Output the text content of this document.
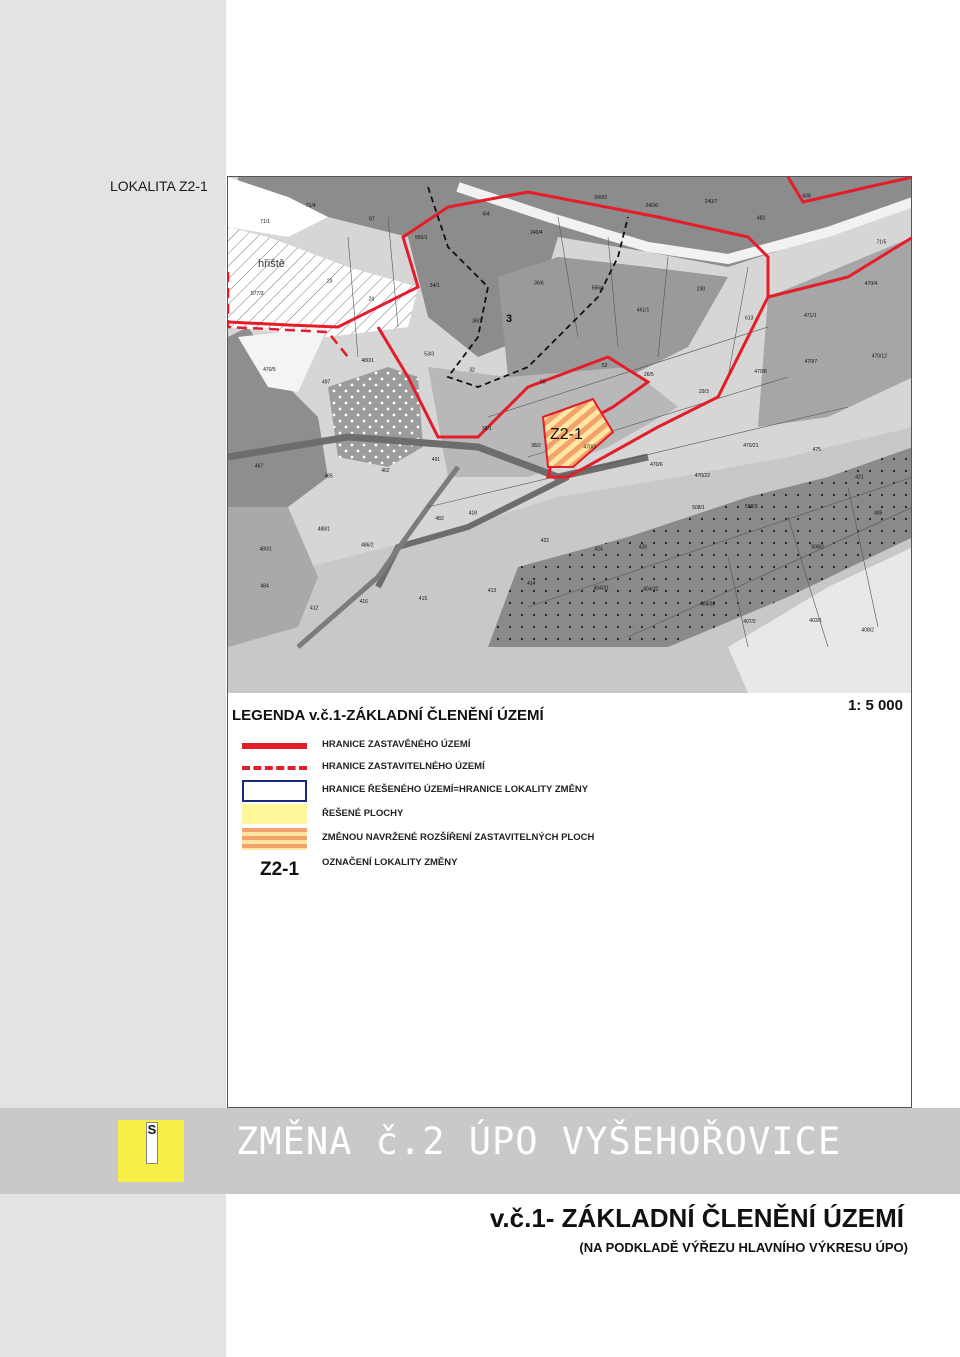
LOKALITA Z2-1
Z2-1
hřiště
3
71/1
71/4
67
550/1
6/4
240/4
240/3
240/6
240/7
482
608
71/5
577/3
23
24
34/1
36/1
36/6
566/1
461/1
230
613	471/1
470/4
470/5
497
480/1
53/3
32
50
52
26/5
29/3
470/8
470/7
470/12
467
465
462
491
38/1
38/2	470/3
470/6
470/22
470/21
475
421
480/1
488/1
486/2
482
418
422
424	426
508/1	508/3
508/2
485
484
412
416	415
413
414
404/31	404/32
404/36
407/2	403/1
408/2
LEGENDA v.č.1-ZÁKLADNÍ ČLENĚNÍ ÚZEMÍ
1: 5 000
HRANICE ZASTAVĚNÉHO ÚZEMÍ
HRANICE ZASTAVITELNÉHO ÚZEMÍ
HRANICE ŘEŠENÉHO ÚZEMÍ=HRANICE LOKALITY ZMĚNY
ŘEŠENÉ PLOCHY
ZMĚNOU NAVRŽENÉ ROZŠÍŘENÍ ZASTAVITELNÝCH PLOCH
Z2-1 OZNAČENÍ LOKALITY ZMĚNY
S ZMĚNA č.2 ÚPO VYŠEHOŘOVICE
v.č.1- ZÁKLADNÍ ČLENĚNÍ ÚZEMÍ
(NA PODKLADĚ VÝŘEZU HLAVNÍHO VÝKRESU ÚPO)
